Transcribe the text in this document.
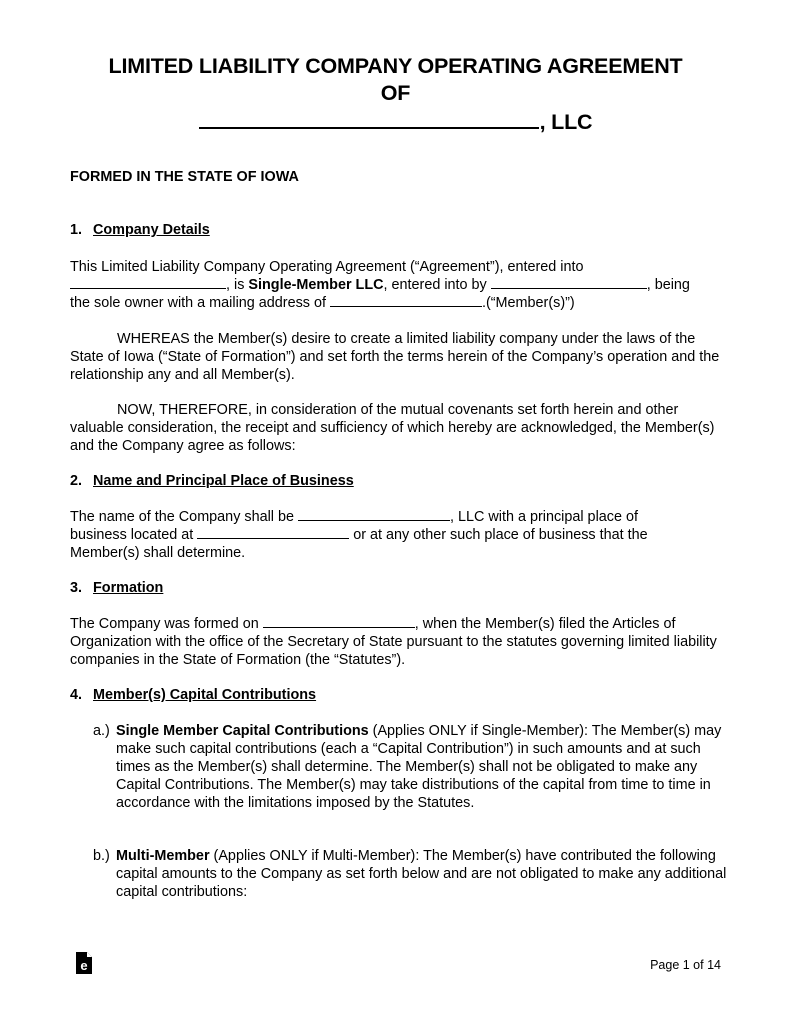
LIMITED LIABILITY COMPANY OPERATING AGREEMENT
OF
, LLC
FORMED IN THE STATE OF IOWA
1. Company Details
This Limited Liability Company Operating Agreement (“Agreement”), entered into
, is Single-Member LLC, entered into by	, being
the sole owner with a mailing address of	.(“Member(s)”)
WHEREAS the Member(s) desire to create a limited liability company under the laws of the State of Iowa (“State of Formation”) and set forth the terms herein of the Company’s operation and the relationship any and all Member(s).
NOW, THEREFORE, in consideration of the mutual covenants set forth herein and other valuable consideration, the receipt and sufficiency of which hereby are acknowledged, the Member(s) and the Company agree as follows:
2. Name and Principal Place of Business
The name of the Company shall be	, LLC with a principal place of
business located at	or at any other such place of business that the
Member(s) shall determine.
3. Formation
The Company was formed on	, when the Member(s) filed the Articles of Organization with the office of the Secretary of State pursuant to the statutes governing limited liability companies in the State of Formation (the “Statutes”).
4. Member(s) Capital Contributions
a.) Single Member Capital Contributions (Applies ONLY if Single-Member): The Member(s) may make such capital contributions (each a “Capital Contribution”) in such amounts and at such times as the Member(s) shall determine. The Member(s) shall not be obligated to make any Capital Contributions. The Member(s) may take distributions of the capital from time to time in accordance with the limitations imposed by the Statutes.
b.) Multi-Member (Applies ONLY if Multi-Member): The Member(s) have contributed the following capital amounts to the Company as set forth below and are not obligated to make any additional capital contributions:
e	Page 1 of 14
